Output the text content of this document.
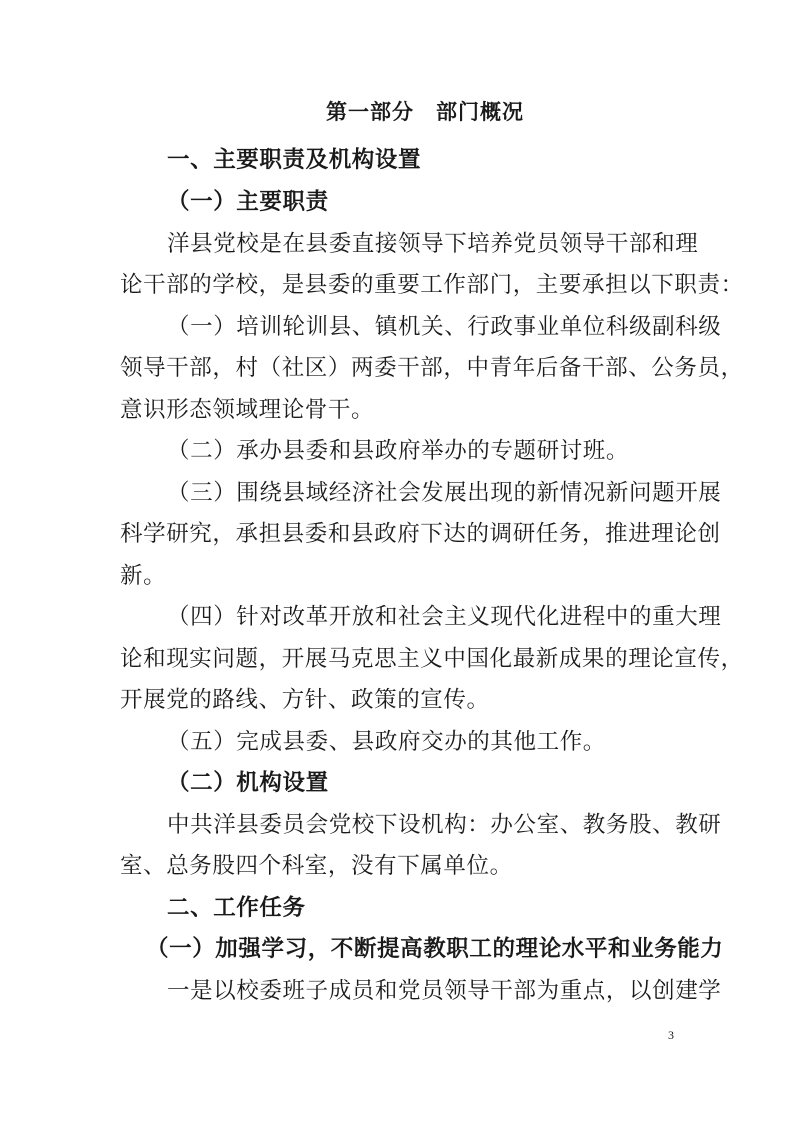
第一部分　部门概况
一、主要职责及机构设置
（一）主要职责
洋县党校是在县委直接领导下培养党员领导干部和理
论干部的学校，是县委的重要工作部门，主要承担以下职责：
（一）培训轮训县、镇机关、行政事业单位科级副科级
领导干部，村（社区）两委干部，中青年后备干部、公务员，
意识形态领域理论骨干。
（二）承办县委和县政府举办的专题研讨班。
（三）围绕县域经济社会发展出现的新情况新问题开展
科学研究，承担县委和县政府下达的调研任务，推进理论创
新。
（四）针对改革开放和社会主义现代化进程中的重大理
论和现实问题，开展马克思主义中国化最新成果的理论宣传，
开展党的路线、方针、政策的宣传。
（五）完成县委、县政府交办的其他工作。
（二）机构设置
中共洋县委员会党校下设机构：办公室、教务股、教研
室、总务股四个科室，没有下属单位。
二、工作任务
（一）加强学习，不断提高教职工的理论水平和业务能力
一是以校委班子成员和党员领导干部为重点，以创建学
3
